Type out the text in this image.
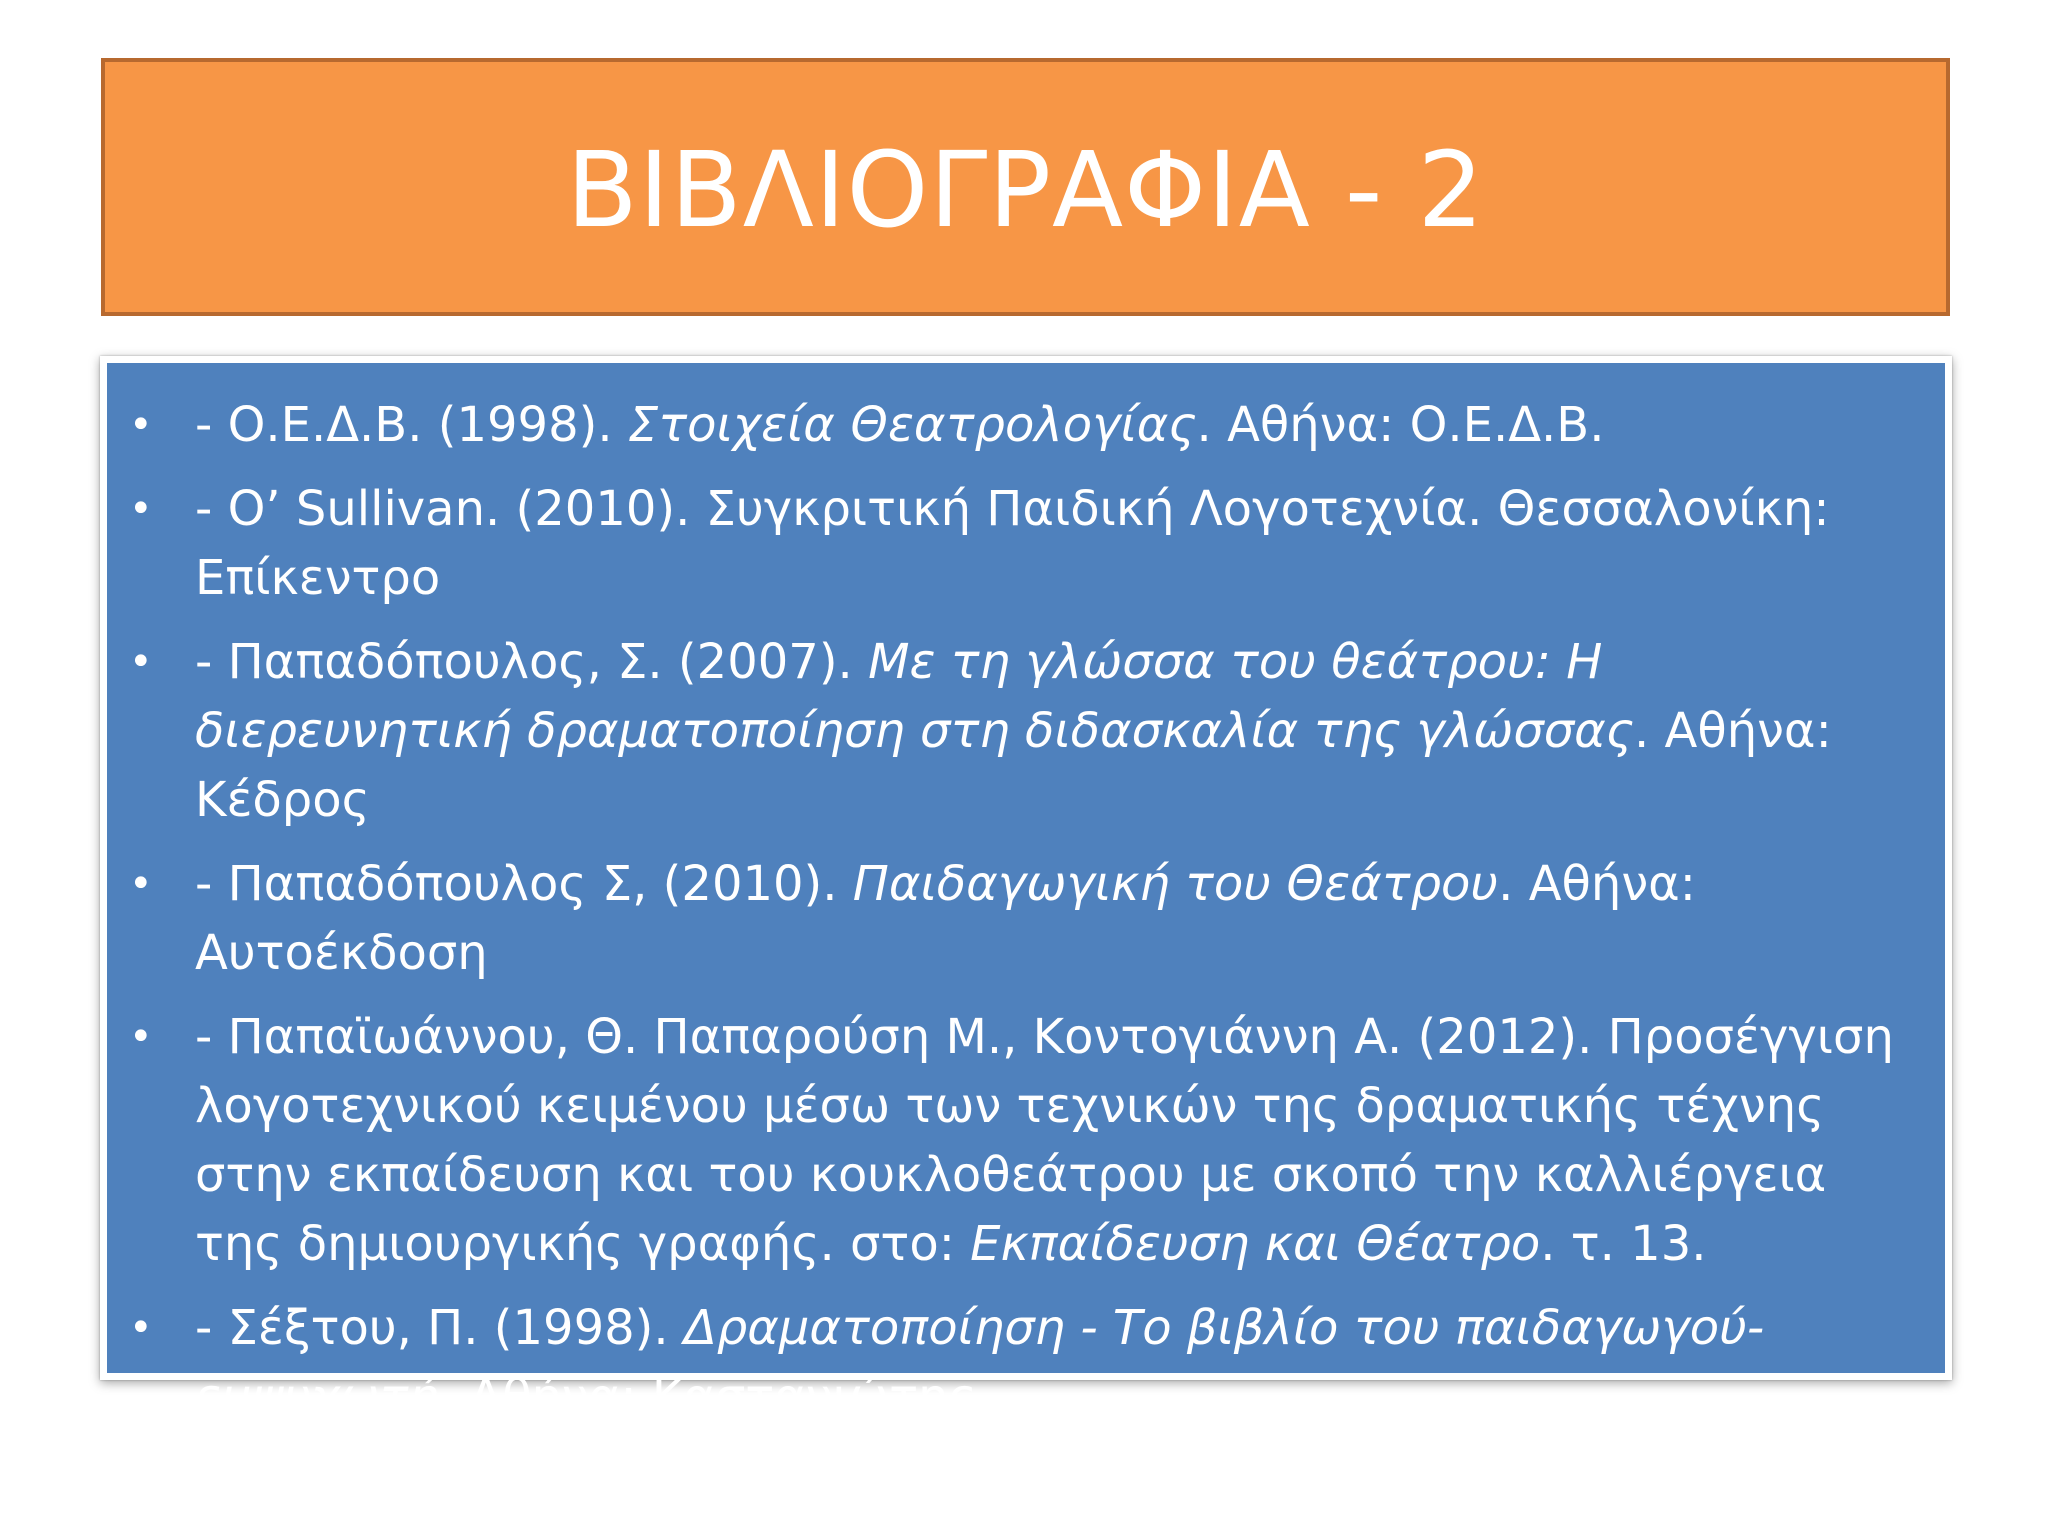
ΒΙΒΛΙΟΓΡΑΦΙΑ - 2
• - Ο.Ε.Δ.Β. (1998). Στοιχεία Θεατρολογίας. Αθήνα: Ο.Ε.Δ.Β.
• - O’ Sullivan. (2010). Συγκριτική Παιδική Λογοτεχνία. Θεσσαλονίκη: Επίκεντρο
• - Παπαδόπουλος, Σ. (2007). Με τη γλώσσα του θεάτρου: Η διερευνητική δραματοποίηση στη διδασκαλία της γλώσσας. Αθήνα: Κέδρος
• - Παπαδόπουλος Σ, (2010). Παιδαγωγική του Θεάτρου. Αθήνα: Αυτοέκδοση
• - Παπαϊωάννου, Θ. Παπαρούση Μ., Κοντογιάννη Α. (2012). Προσέγγιση λογοτεχνικού κειμένου μέσω των τεχνικών της δραματικής τέχνης στην εκπαίδευση και του κουκλοθεάτρου με σκοπό την καλλιέργεια της δημιουργικής γραφής. στο: Εκπαίδευση και Θέατρο. τ. 13.
• - Σέξτου, Π. (1998). Δραματοποίηση - Το βιβλίο του παιδαγωγού-εμψυχωτή. Αθήνα: Καστανιώτης
